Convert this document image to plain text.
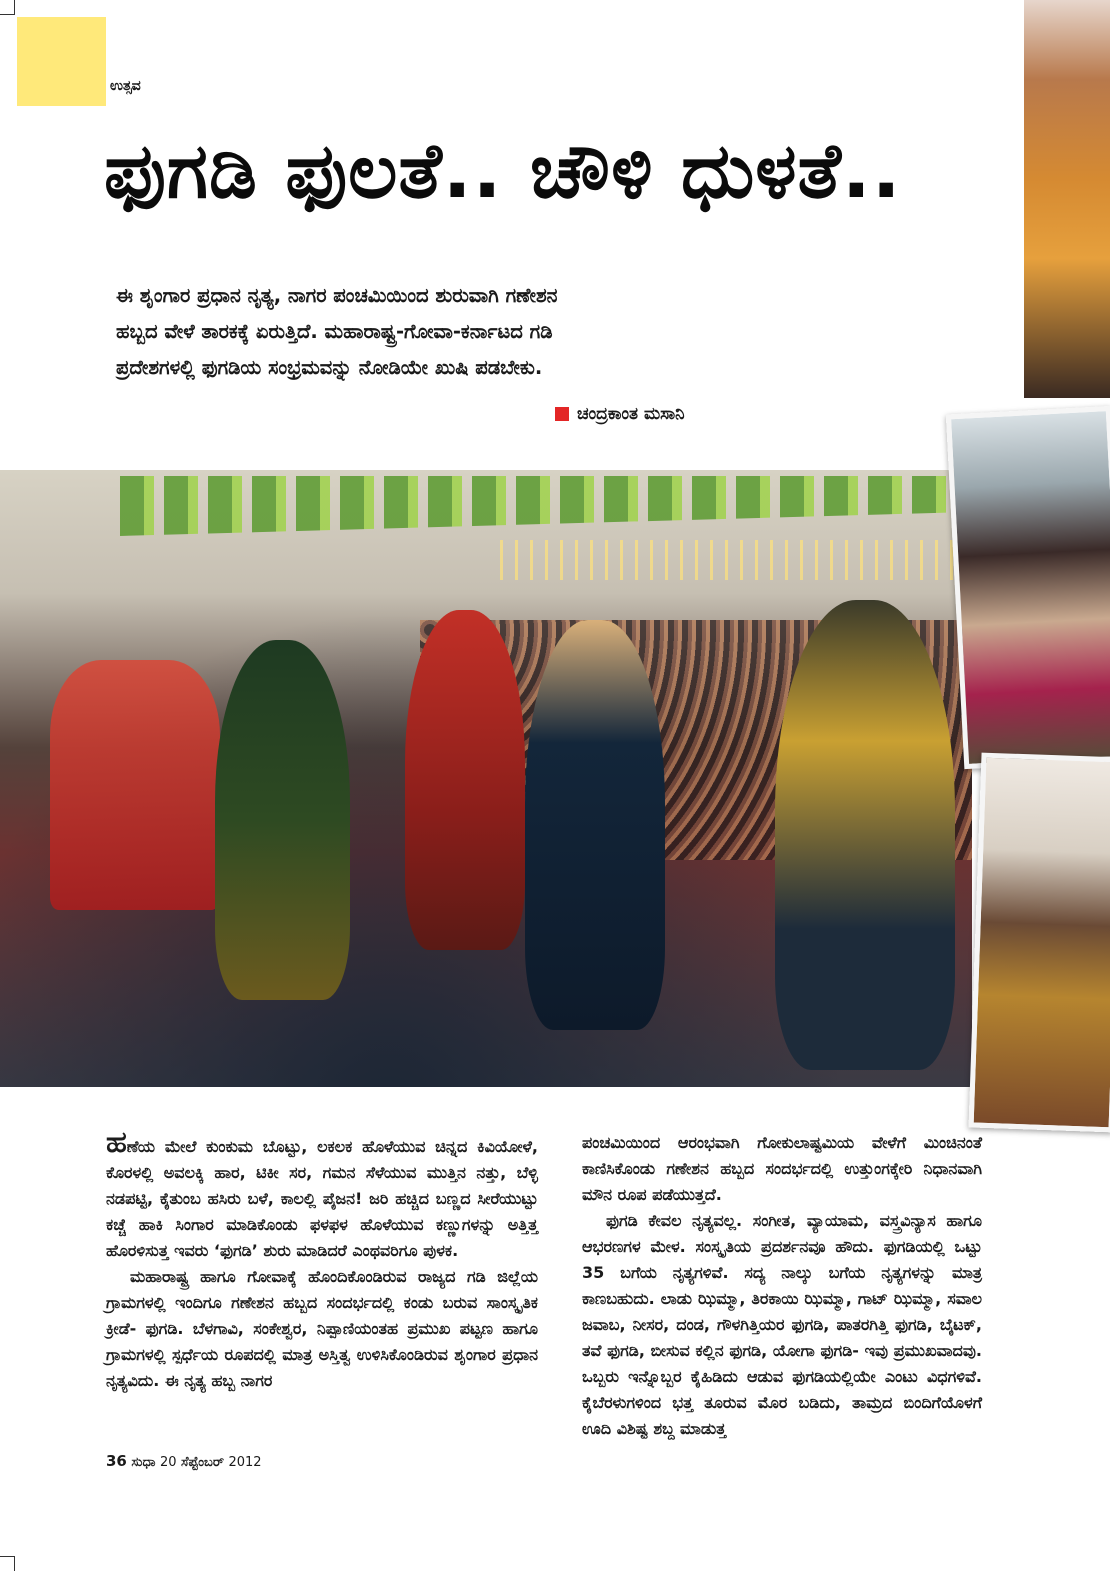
ಉತ್ಸವ
ಫುಗಡಿ ಫುಲತೆ.. ಚೌಳಿ ಧುಳತೆ..

ಈ ಶೃಂಗಾರ ಪ್ರಧಾನ ನೃತ್ಯ, ನಾಗರ ಪಂಚಮಿಯಿಂದ ಶುರುವಾಗಿ ಗಣೇಶನ

ಹಬ್ಬದ ವೇಳೆ ತಾರಕಕ್ಕೆ ಏರುತ್ತಿದೆ. ಮಹಾರಾಷ್ಟ್ರ-ಗೋವಾ-ಕರ್ನಾಟದ ಗಡಿ

ಪ್ರದೇಶಗಳಲ್ಲಿ ಫುಗಡಿಯ ಸಂಭ್ರಮವನ್ನು ನೋಡಿಯೇ ಖುಷಿ ಪಡಬೇಕು.

ಚಂದ್ರಕಾಂತ ಮಸಾನಿ

ಹಣೆಯ ಮೇಲೆ ಕುಂಕುಮ ಬೊಟ್ಟು, ಲಕಲಕ ಹೊಳೆಯುವ ಚಿನ್ನದ ಕಿವಿಯೋಳೆ, ಕೊರಳಲ್ಲಿ ಅವಲಕ್ಕಿ ಹಾರ, ಟಿಕೀ ಸರ, ಗಮನ ಸೆಳೆಯುವ ಮುತ್ತಿನ ನತ್ತು, ಬೆಳ್ಳಿ ನಡಪಟ್ಟಿ, ಕೈತುಂಬ ಹಸಿರು ಬಳೆ, ಕಾಲಲ್ಲಿ ಪೈಜನ! ಜರಿ ಹಚ್ಚಿದ ಬಣ್ಣದ ಸೀರೆಯುಟ್ಟು ಕಚ್ಚೆ ಹಾಕಿ ಸಿಂಗಾರ ಮಾಡಿಕೊಂಡು ಫಳಫಳ ಹೊಳೆಯುವ ಕಣ್ಣುಗಳನ್ನು ಅತ್ತಿತ್ತ ಹೊರಳಿಸುತ್ತ ಇವರು ‘ಫುಗಡಿ’ ಶುರು ಮಾಡಿದರೆ ಎಂಥವರಿಗೂ ಪುಳಕ.

ಮಹಾರಾಷ್ಟ್ರ ಹಾಗೂ ಗೋವಾಕ್ಕೆ ಹೊಂದಿಕೊಂಡಿರುವ ರಾಜ್ಯದ ಗಡಿ ಜಿಲ್ಲೆಯ ಗ್ರಾಮಗಳಲ್ಲಿ ಇಂದಿಗೂ ಗಣೇಶನ ಹಬ್ಬದ ಸಂದರ್ಭದಲ್ಲಿ ಕಂಡು ಬರುವ ಸಾಂಸ್ಕೃತಿಕ ಕ್ರೀಡೆ- ಫುಗಡಿ. ಬೆಳಗಾವಿ, ಸಂಕೇಶ್ವರ, ನಿಪ್ಪಾಣಿಯಂತಹ ಪ್ರಮುಖ ಪಟ್ಟಣ ಹಾಗೂ ಗ್ರಾಮಗಳಲ್ಲಿ ಸ್ಪರ್ಧೆಯ ರೂಪದಲ್ಲಿ ಮಾತ್ರ ಅಸ್ತಿತ್ವ ಉಳಿಸಿಕೊಂಡಿರುವ ಶೃಂಗಾರ ಪ್ರಧಾನ ನೃತ್ಯವಿದು. ಈ ನೃತ್ಯ ಹಬ್ಬ ನಾಗರ

ಪಂಚಮಿಯಿಂದ ಆರಂಭವಾಗಿ ಗೋಕುಲಾಷ್ಟಮಿಯ ವೇಳೆಗೆ ಮಿಂಚಿನಂತೆ ಕಾಣಿಸಿಕೊಂಡು ಗಣೇಶನ ಹಬ್ಬದ ಸಂದರ್ಭದಲ್ಲಿ ಉತ್ತುಂಗಕ್ಕೇರಿ ನಿಧಾನವಾಗಿ ಮೌನ ರೂಪ ಪಡೆಯುತ್ತದೆ.

ಫುಗಡಿ ಕೇವಲ ನೃತ್ಯವಲ್ಲ. ಸಂಗೀತ, ವ್ಯಾಯಾಮ, ವಸ್ತ್ರವಿನ್ಯಾಸ ಹಾಗೂ ಆಭರಣಗಳ ಮೇಳ. ಸಂಸ್ಕೃತಿಯ ಪ್ರದರ್ಶನವೂ ಹೌದು. ಫುಗಡಿಯಲ್ಲಿ ಒಟ್ಟು 35 ಬಗೆಯ ನೃತ್ಯಗಳಿವೆ. ಸದ್ಯ ನಾಲ್ಕು ಬಗೆಯ ನೃತ್ಯಗಳನ್ನು ಮಾತ್ರ ಕಾಣಬಹುದು. ಲಾಡು ಝಿಮ್ಮಾ, ತಿರಕಾಯಿ ಝಿಮ್ಮಾ, ಗಾಟ್ ಝಿಮ್ಮಾ, ಸವಾಲ ಜವಾಬ, ನೀಸರ, ದಂಡ, ಗೌಳಗಿತ್ತಿಯರ ಫುಗಡಿ, ಪಾತರಗಿತ್ತಿ ಫುಗಡಿ, ಬೈಟಕ್, ತವೆ ಫುಗಡಿ, ಬೀಸುವ ಕಲ್ಲಿನ ಫುಗಡಿ, ಯೋಗಾ ಫುಗಡಿ- ಇವು ಪ್ರಮುಖವಾದವು. ಒಬ್ಬರು ಇನ್ನೊಬ್ಬರ ಕೈಹಿಡಿದು ಆಡುವ ಫುಗಡಿಯಲ್ಲಿಯೇ ಎಂಟು ವಿಧಗಳಿವೆ. ಕೈಬೆರಳುಗಳಿಂದ ಭತ್ತ ತೂರುವ ಮೊರ ಬಡಿದು, ತಾಮ್ರದ ಬಿಂದಿಗೆಯೊಳಗೆ ಊದಿ ವಿಶಿಷ್ಟ ಶಬ್ದ ಮಾಡುತ್ತ

36 ಸುಧಾ 20 ಸೆಪ್ಟೆಂಬರ್ 2012
